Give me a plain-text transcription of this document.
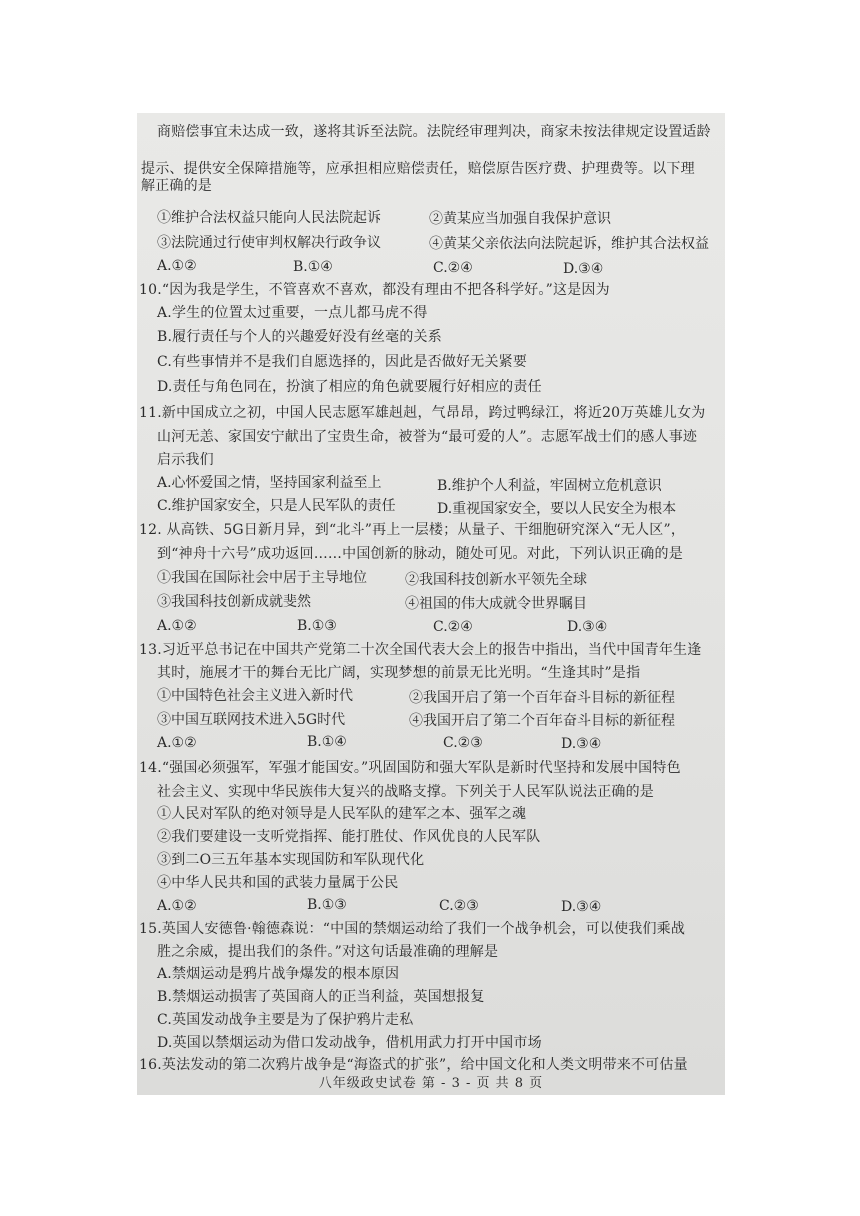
商赔偿事宜未达成一致，遂将其诉至法院。法院经审理判决，商家未按法律规定设置适龄
提示、提供安全保障措施等，应承担相应赔偿责任，赔偿原告医疗费、护理费等。以下理
解正确的是
①维护合法权益只能向人民法院起诉	②黄某应当加强自我保护意识
③法院通过行使审判权解决行政争议	④黄某父亲依法向法院起诉，维护其合法权益
A.①②	B.①④	C.②④	D.③④
10.“因为我是学生，不管喜欢不喜欢，都没有理由不把各科学好。”这是因为
A.学生的位置太过重要，一点儿都马虎不得
B.履行责任与个人的兴趣爱好没有丝毫的关系
C.有些事情并不是我们自愿选择的，因此是否做好无关紧要
D.责任与角色同在，扮演了相应的角色就要履行好相应的责任
11.新中国成立之初，中国人民志愿军雄赳赳，气昂昂，跨过鸭绿江，将近20万英雄儿女为
山河无恙、家国安宁献出了宝贵生命，被誉为“最可爱的人”。志愿军战士们的感人事迹
启示我们
A.心怀爱国之情，坚持国家利益至上	B.维护个人利益，牢固树立危机意识
C.维护国家安全，只是人民军队的责任	D.重视国家安全，要以人民安全为根本
12. 从高铁、5G日新月异，到“北斗”再上一层楼；从量子、干细胞研究深入“无人区”，
到“神舟十六号”成功返回……中国创新的脉动，随处可见。对此，下列认识正确的是
①我国在国际社会中居于主导地位	②我国科技创新水平领先全球
③我国科技创新成就斐然	④祖国的伟大成就令世界瞩目
A.①②	B.①③	C.②④	D.③④
13.习近平总书记在中国共产党第二十次全国代表大会上的报告中指出，当代中国青年生逢
其时，施展才干的舞台无比广阔，实现梦想的前景无比光明。“生逢其时”是指
①中国特色社会主义进入新时代	②我国开启了第一个百年奋斗目标的新征程
③中国互联网技术进入5G时代	④我国开启了第二个百年奋斗目标的新征程
A.①②	B.①④	C.②③	D.③④
14.“强国必须强军，军强才能国安。”巩固国防和强大军队是新时代坚持和发展中国特色
社会主义、实现中华民族伟大复兴的战略支撑。下列关于人民军队说法正确的是
①人民对军队的绝对领导是人民军队的建军之本、强军之魂
②我们要建设一支听党指挥、能打胜仗、作风优良的人民军队
③到二O三五年基本实现国防和军队现代化
④中华人民共和国的武装力量属于公民
A.①②	B.①③	C.②③	D.③④
15.英国人安德鲁·翰德森说：“中国的禁烟运动给了我们一个战争机会，可以使我们乘战
胜之余威，提出我们的条件。”对这句话最准确的理解是
A.禁烟运动是鸦片战争爆发的根本原因
B.禁烟运动损害了英国商人的正当利益，英国想报复
C.英国发动战争主要是为了保护鸦片走私
D.英国以禁烟运动为借口发动战争，借机用武力打开中国市场
16.英法发动的第二次鸦片战争是“海盗式的扩张”，给中国文化和人类文明带来不可估量
八年级政史试卷 第 - 3 - 页 共 8 页
